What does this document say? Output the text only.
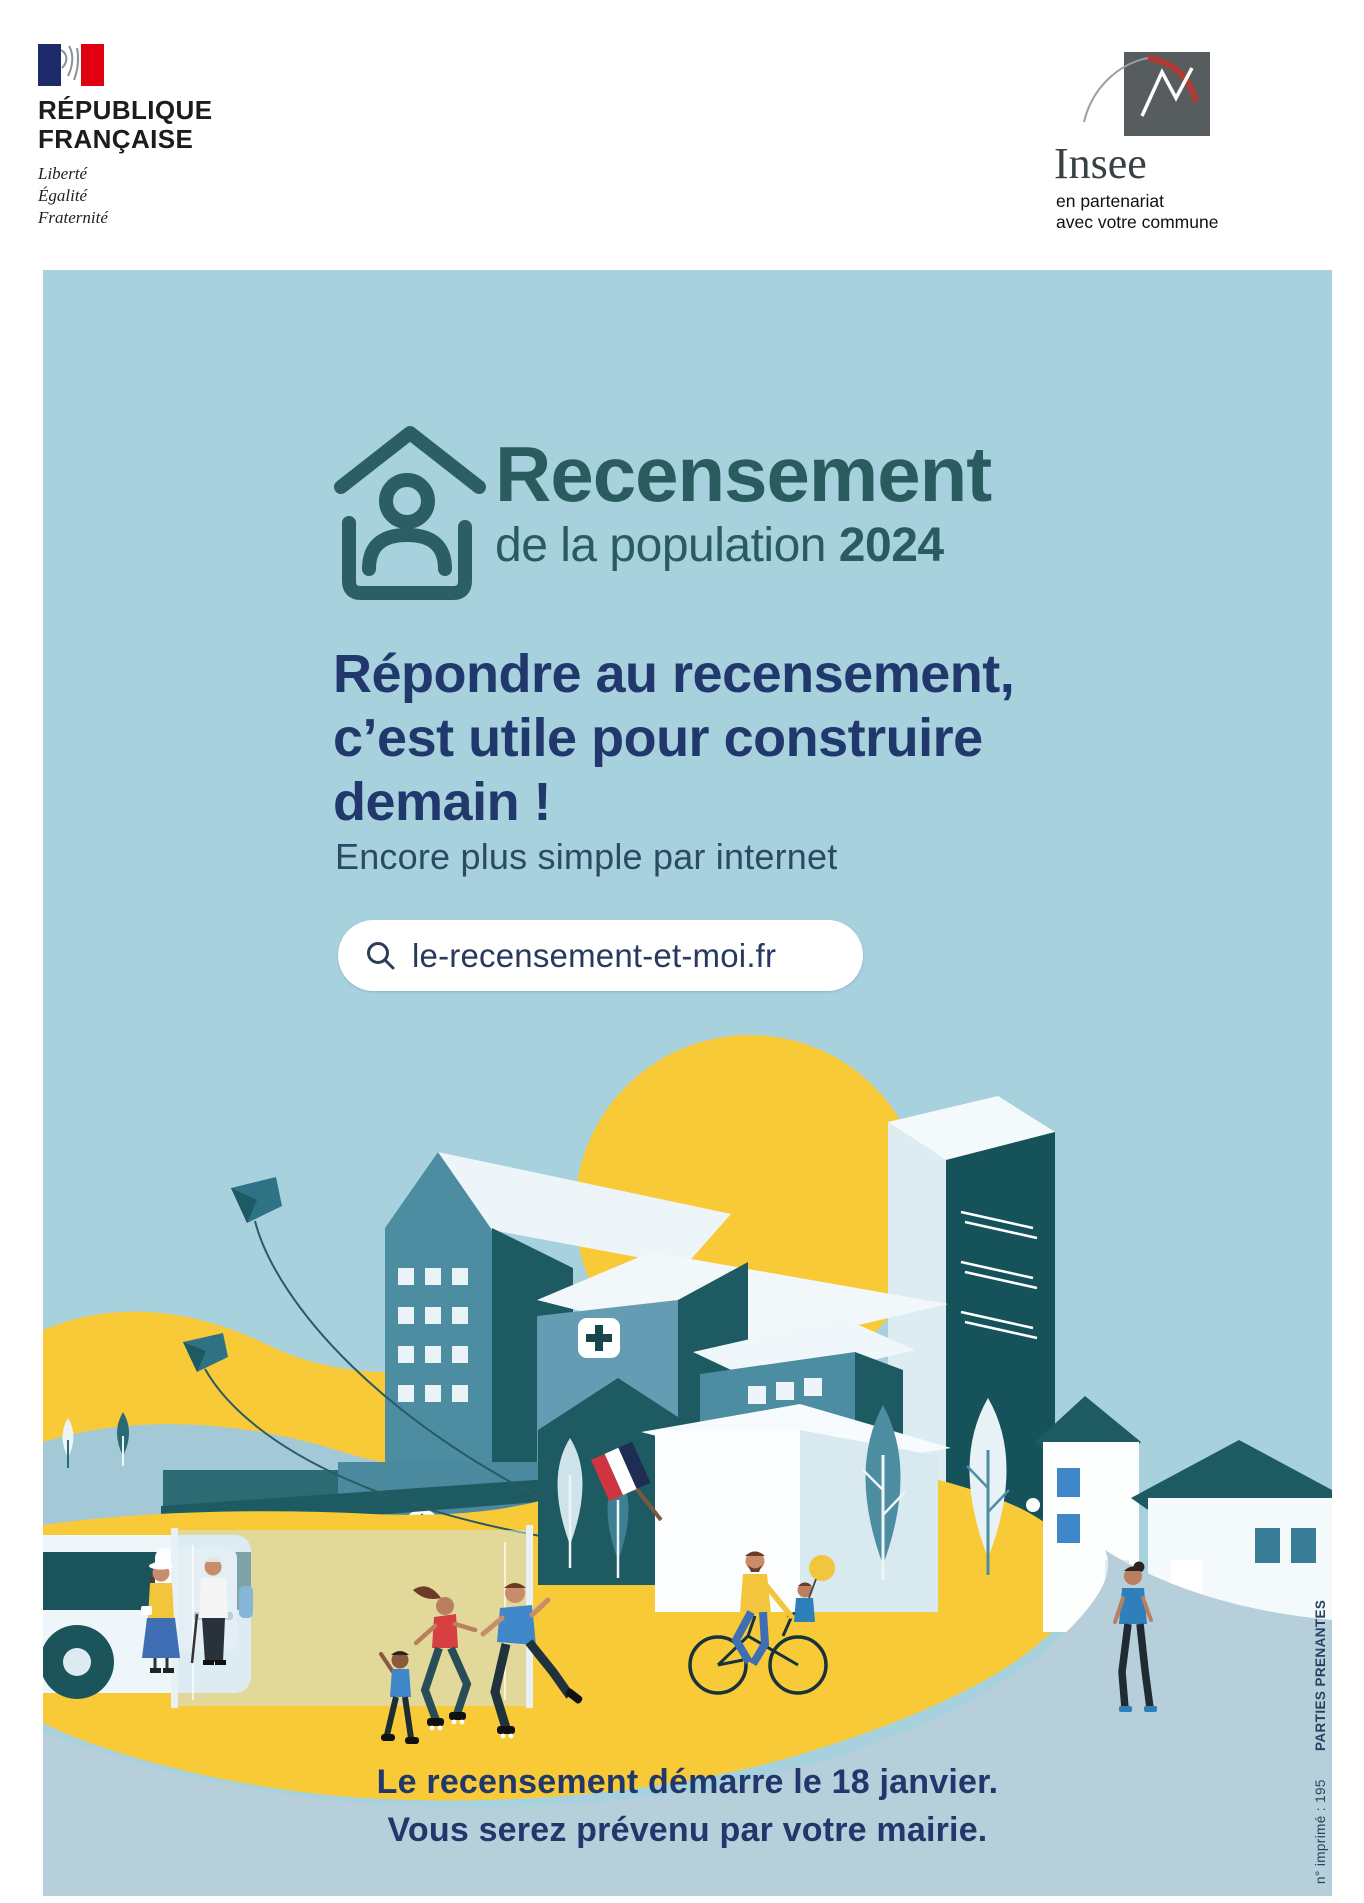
RÉPUBLIQUE
FRANÇAISE
Liberté
Égalité
Fraternité
Insee
en partenariat
avec votre commune
Recensement
de la population 2024
Répondre au recensement,
c’est utile pour construire
demain !
Encore plus simple par internet
le-recensement-et-moi.fr
Le recensement démarre le 18 janvier.
Vous serez prévenu par votre mairie.	n° imprimé : 195
PARTIES PRENANTES
